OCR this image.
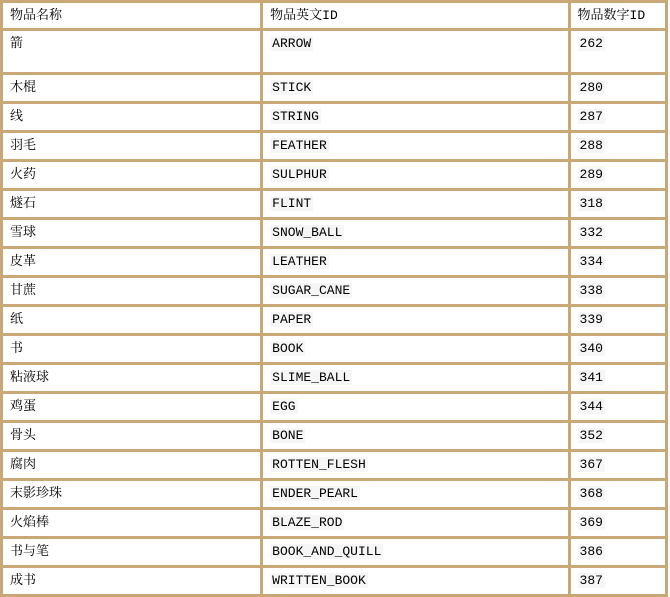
物品名称	物品英文ID	物品数字ID
箭	ARROW	262
木棍	STICK	280
线	STRING	287
羽毛	FEATHER	288
火药	SULPHUR	289
燧石	FLINT	318
雪球	SNOW_BALL	332
皮革	LEATHER	334
甘蔗	SUGAR_CANE	338
纸	PAPER	339
书	BOOK	340
粘液球	SLIME_BALL	341
鸡蛋	EGG	344
骨头	BONE	352
腐肉	ROTTEN_FLESH	367
末影珍珠	ENDER_PEARL	368
火焰棒	BLAZE_ROD	369
书与笔	BOOK_AND_QUILL	386
成书	WRITTEN_BOOK	387
